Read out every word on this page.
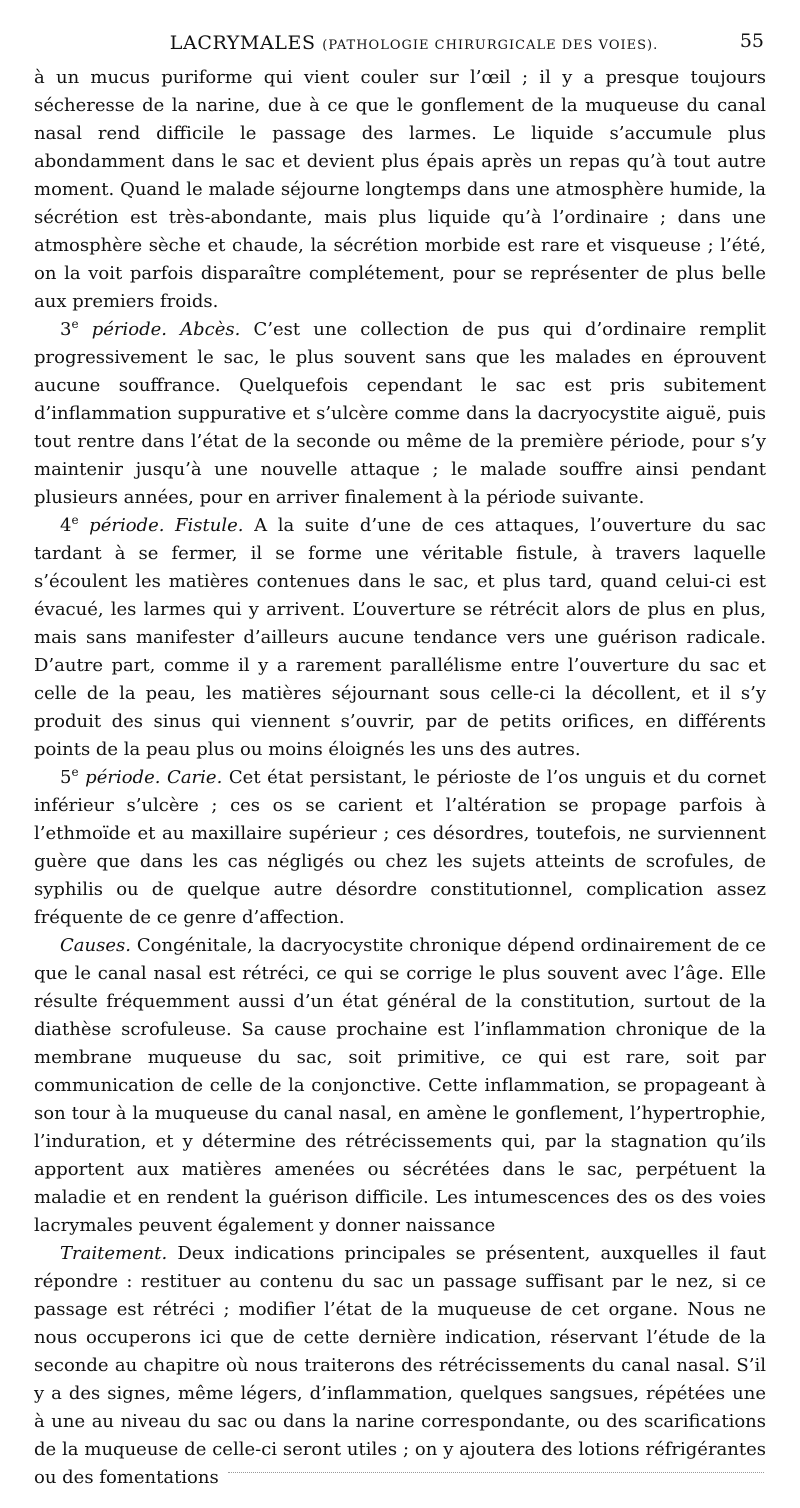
LACRYMALES (PATHOLOGIE CHIRURGICALE DES VOIES).	55

à un mucus puriforme qui vient couler sur l’œil ; il y a presque toujours sécheresse de la narine, due à ce que le gonflement de la muqueuse du canal nasal rend difficile le passage des larmes. Le liquide s’accumule plus abondamment dans le sac et devient plus épais après un repas qu’à tout autre moment. Quand le malade séjourne longtemps dans une atmosphère humide, la sécrétion est très-abondante, mais plus liquide qu’à l’ordinaire ; dans une atmosphère sèche et chaude, la sécrétion morbide est rare et visqueuse ; l’été, on la voit parfois disparaître complétement, pour se représenter de plus belle aux premiers froids.

3e période. Abcès. C’est une collection de pus qui d’ordinaire remplit progressivement le sac, le plus souvent sans que les malades en éprouvent aucune souffrance. Quelquefois cependant le sac est pris subitement d’inflammation suppurative et s’ulcère comme dans la dacryocystite aiguë, puis tout rentre dans l’état de la seconde ou même de la première période, pour s’y maintenir jusqu’à une nouvelle attaque ; le malade souffre ainsi pendant plusieurs années, pour en arriver finalement à la période suivante.

4e période. Fistule. A la suite d’une de ces attaques, l’ouverture du sac tardant à se fermer, il se forme une véritable fistule, à travers laquelle s’écoulent les matières contenues dans le sac, et plus tard, quand celui-ci est évacué, les larmes qui y arrivent. L’ouverture se rétrécit alors de plus en plus, mais sans manifester d’ailleurs aucune tendance vers une guérison radicale. D’autre part, comme il y a rarement parallélisme entre l’ouverture du sac et celle de la peau, les matières séjournant sous celle-ci la décollent, et il s’y produit des sinus qui viennent s’ouvrir, par de petits orifices, en différents points de la peau plus ou moins éloignés les uns des autres.

5e période. Carie. Cet état persistant, le périoste de l’os unguis et du cornet inférieur s’ulcère ; ces os se carient et l’altération se propage parfois à l’ethmoïde et au maxillaire supérieur ; ces désordres, toutefois, ne surviennent guère que dans les cas négligés ou chez les sujets atteints de scrofules, de syphilis ou de quelque autre désordre constitutionnel, complication assez fréquente de ce genre d’affection.

Causes. Congénitale, la dacryocystite chronique dépend ordinairement de ce que le canal nasal est rétréci, ce qui se corrige le plus souvent avec l’âge. Elle résulte fréquemment aussi d’un état général de la constitution, surtout de la diathèse scrofuleuse. Sa cause prochaine est l’inflammation chronique de la membrane muqueuse du sac, soit primitive, ce qui est rare, soit par communication de celle de la conjonctive. Cette inflammation, se propageant à son tour à la muqueuse du canal nasal, en amène le gonflement, l’hypertrophie, l’induration, et y détermine des rétrécissements qui, par la stagnation qu’ils apportent aux matières amenées ou sécrétées dans le sac, perpétuent la maladie et en rendent la guérison difficile. Les intumescences des os des voies lacrymales peuvent également y donner naissance

Traitement. Deux indications principales se présentent, auxquelles il faut répondre : restituer au contenu du sac un passage suffisant par le nez, si ce passage est rétréci ; modifier l’état de la muqueuse de cet organe. Nous ne nous occuperons ici que de cette dernière indication, réservant l’étude de la seconde au chapitre où nous traiterons des rétrécissements du canal nasal. S’il y a des signes, même légers, d’inflammation, quelques sangsues, répétées une à une au niveau du sac ou dans la narine correspondante, ou des scarifications de la muqueuse de celle-ci seront utiles ; on y ajoutera des lotions réfrigérantes ou des fomentations
